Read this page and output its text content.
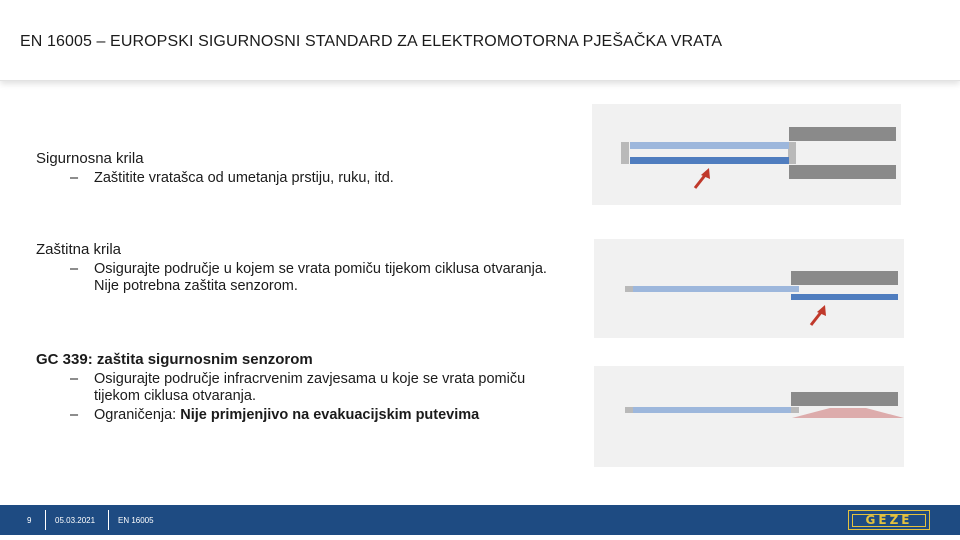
EN 16005 – EUROPSKI SIGURNOSNI STANDARD ZA ELEKTROMOTORNA PJEŠAČKA VRATA
Sigurnosna krila
– Zaštitite vratašca od umetanja prstiju, ruku, itd.
Zaštitna krila
– Osigurajte područje u kojem se vrata pomiču tijekom ciklusa otvaranja. Nije potrebna zaštita senzorom.
GC 339: zaštita sigurnosnim senzorom
– Osigurajte područje infracrvenim zavjesama u koje se vrata pomiču tijekom ciklusa otvaranja.
– Ograničenja: Nije primjenjivo na evakuacijskim putevima
9	05.03.2021	EN 16005	GEZE
